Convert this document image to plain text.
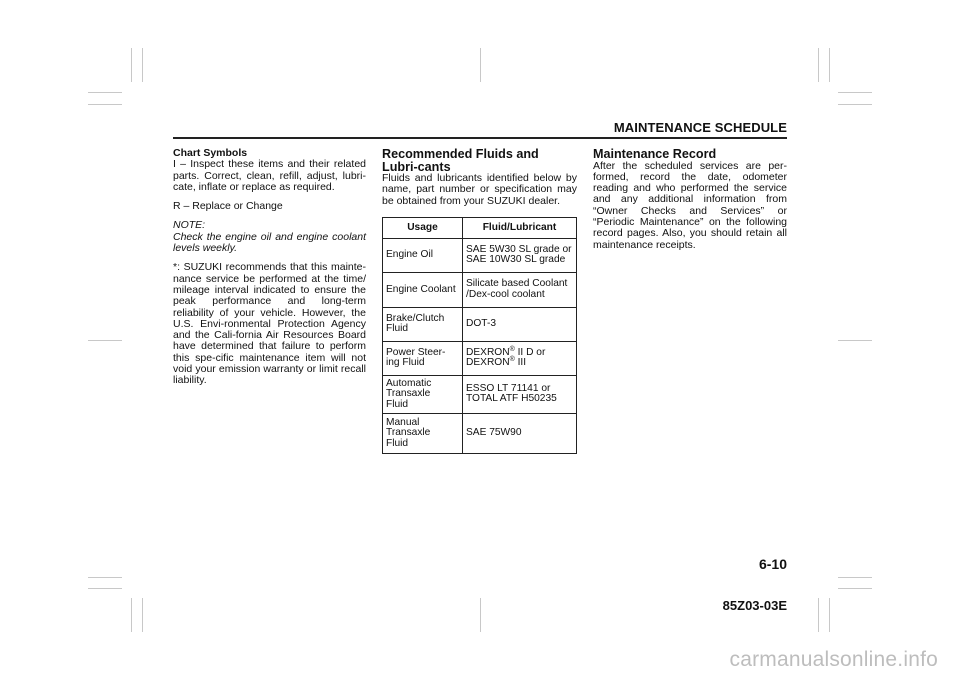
MAINTENANCE SCHEDULE

Chart Symbols

I – Inspect these items and their related parts. Correct, clean, refill, adjust, lubri-cate, inflate or replace as required.

R – Replace or Change

NOTE:

Check the engine oil and engine coolant levels weekly.

*: SUZUKI recommends that this mainte-nance service be performed at the time/ mileage interval indicated to ensure the peak performance and long-term reliability of your vehicle. However, the U.S. Envi-ronmental Protection Agency and the Cali-fornia Air Resources Board have determined that failure to perform this spe-cific maintenance item will not void your emission warranty or limit recall liability.

Recommended Fluids and Lubri-cants

Fluids and lubricants identified below by name, part number or specification may be obtained from your SUZUKI dealer.

Usage	Fluid/Lubricant
Engine Oil	SAE 5W30 SL grade or
SAE 10W30 SL grade
Engine Coolant	Silicate based Coolant
/Dex-cool coolant
Brake/Clutch
Fluid	DOT-3
Power Steer-
ing Fluid	DEXRON® II D or
DEXRON® III
Automatic
Transaxle
Fluid	ESSO LT 71141 or
TOTAL ATF H50235
Manual
Transaxle
Fluid	SAE 75W90

Maintenance Record

After the scheduled services are per-formed, record the date, odometer reading and who performed the service and any additional information from “Owner Checks and Services” or “Periodic Maintenance” on the following record pages. Also, you should retain all maintenance receipts.

6-10
85Z03-03E
carmanualsonline.info
